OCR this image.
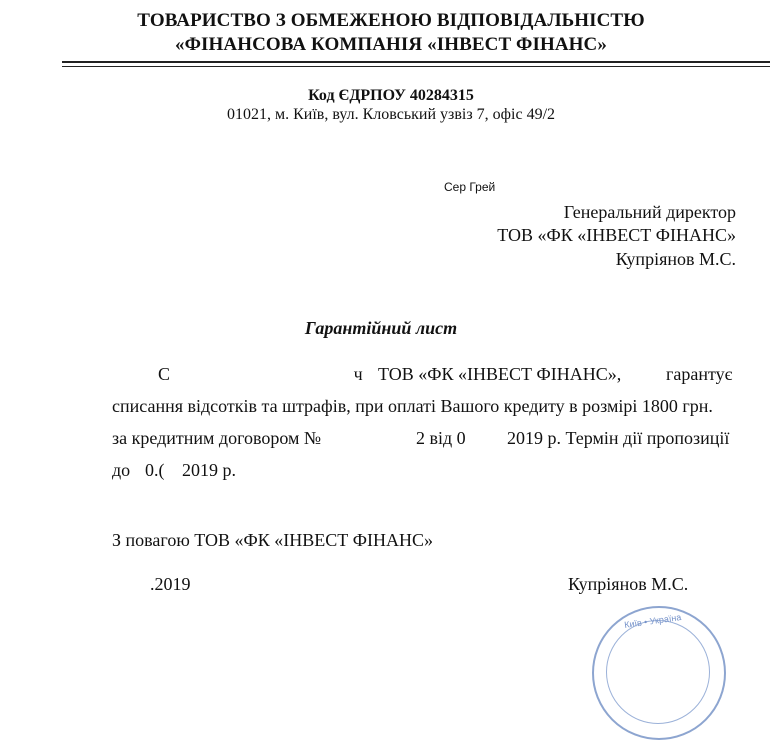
ТОВАРИСТВО З ОБМЕЖЕНОЮ ВІДПОВІДАЛЬНІСТЮ
«ФІНАНСОВА КОМПАНІЯ «ІНВЕСТ ФІНАНС»
Код ЄДРПОУ 40284315
01021, м. Київ, вул. Кловський узвіз 7, офіс 49/2
Сер Грей
Генеральний директор
ТОВ «ФК «ІНВЕСТ ФІНАНС»
Купріянов М.С.
Гарантійний лист
С	 ч ТОВ «ФК «ІНВЕСТ ФІНАНС», гарантує
списання відсотків та штрафів, при оплаті Вашого кредиту в розмірі 1800 грн.
за кредитним договором №	2 від 0 2019 р. Термін дії пропозиції
до 0.( 2019 р.
З повагою ТОВ «ФК «ІНВЕСТ ФІНАНС»
.2019	Купріянов М.С.
Київ • Україна
